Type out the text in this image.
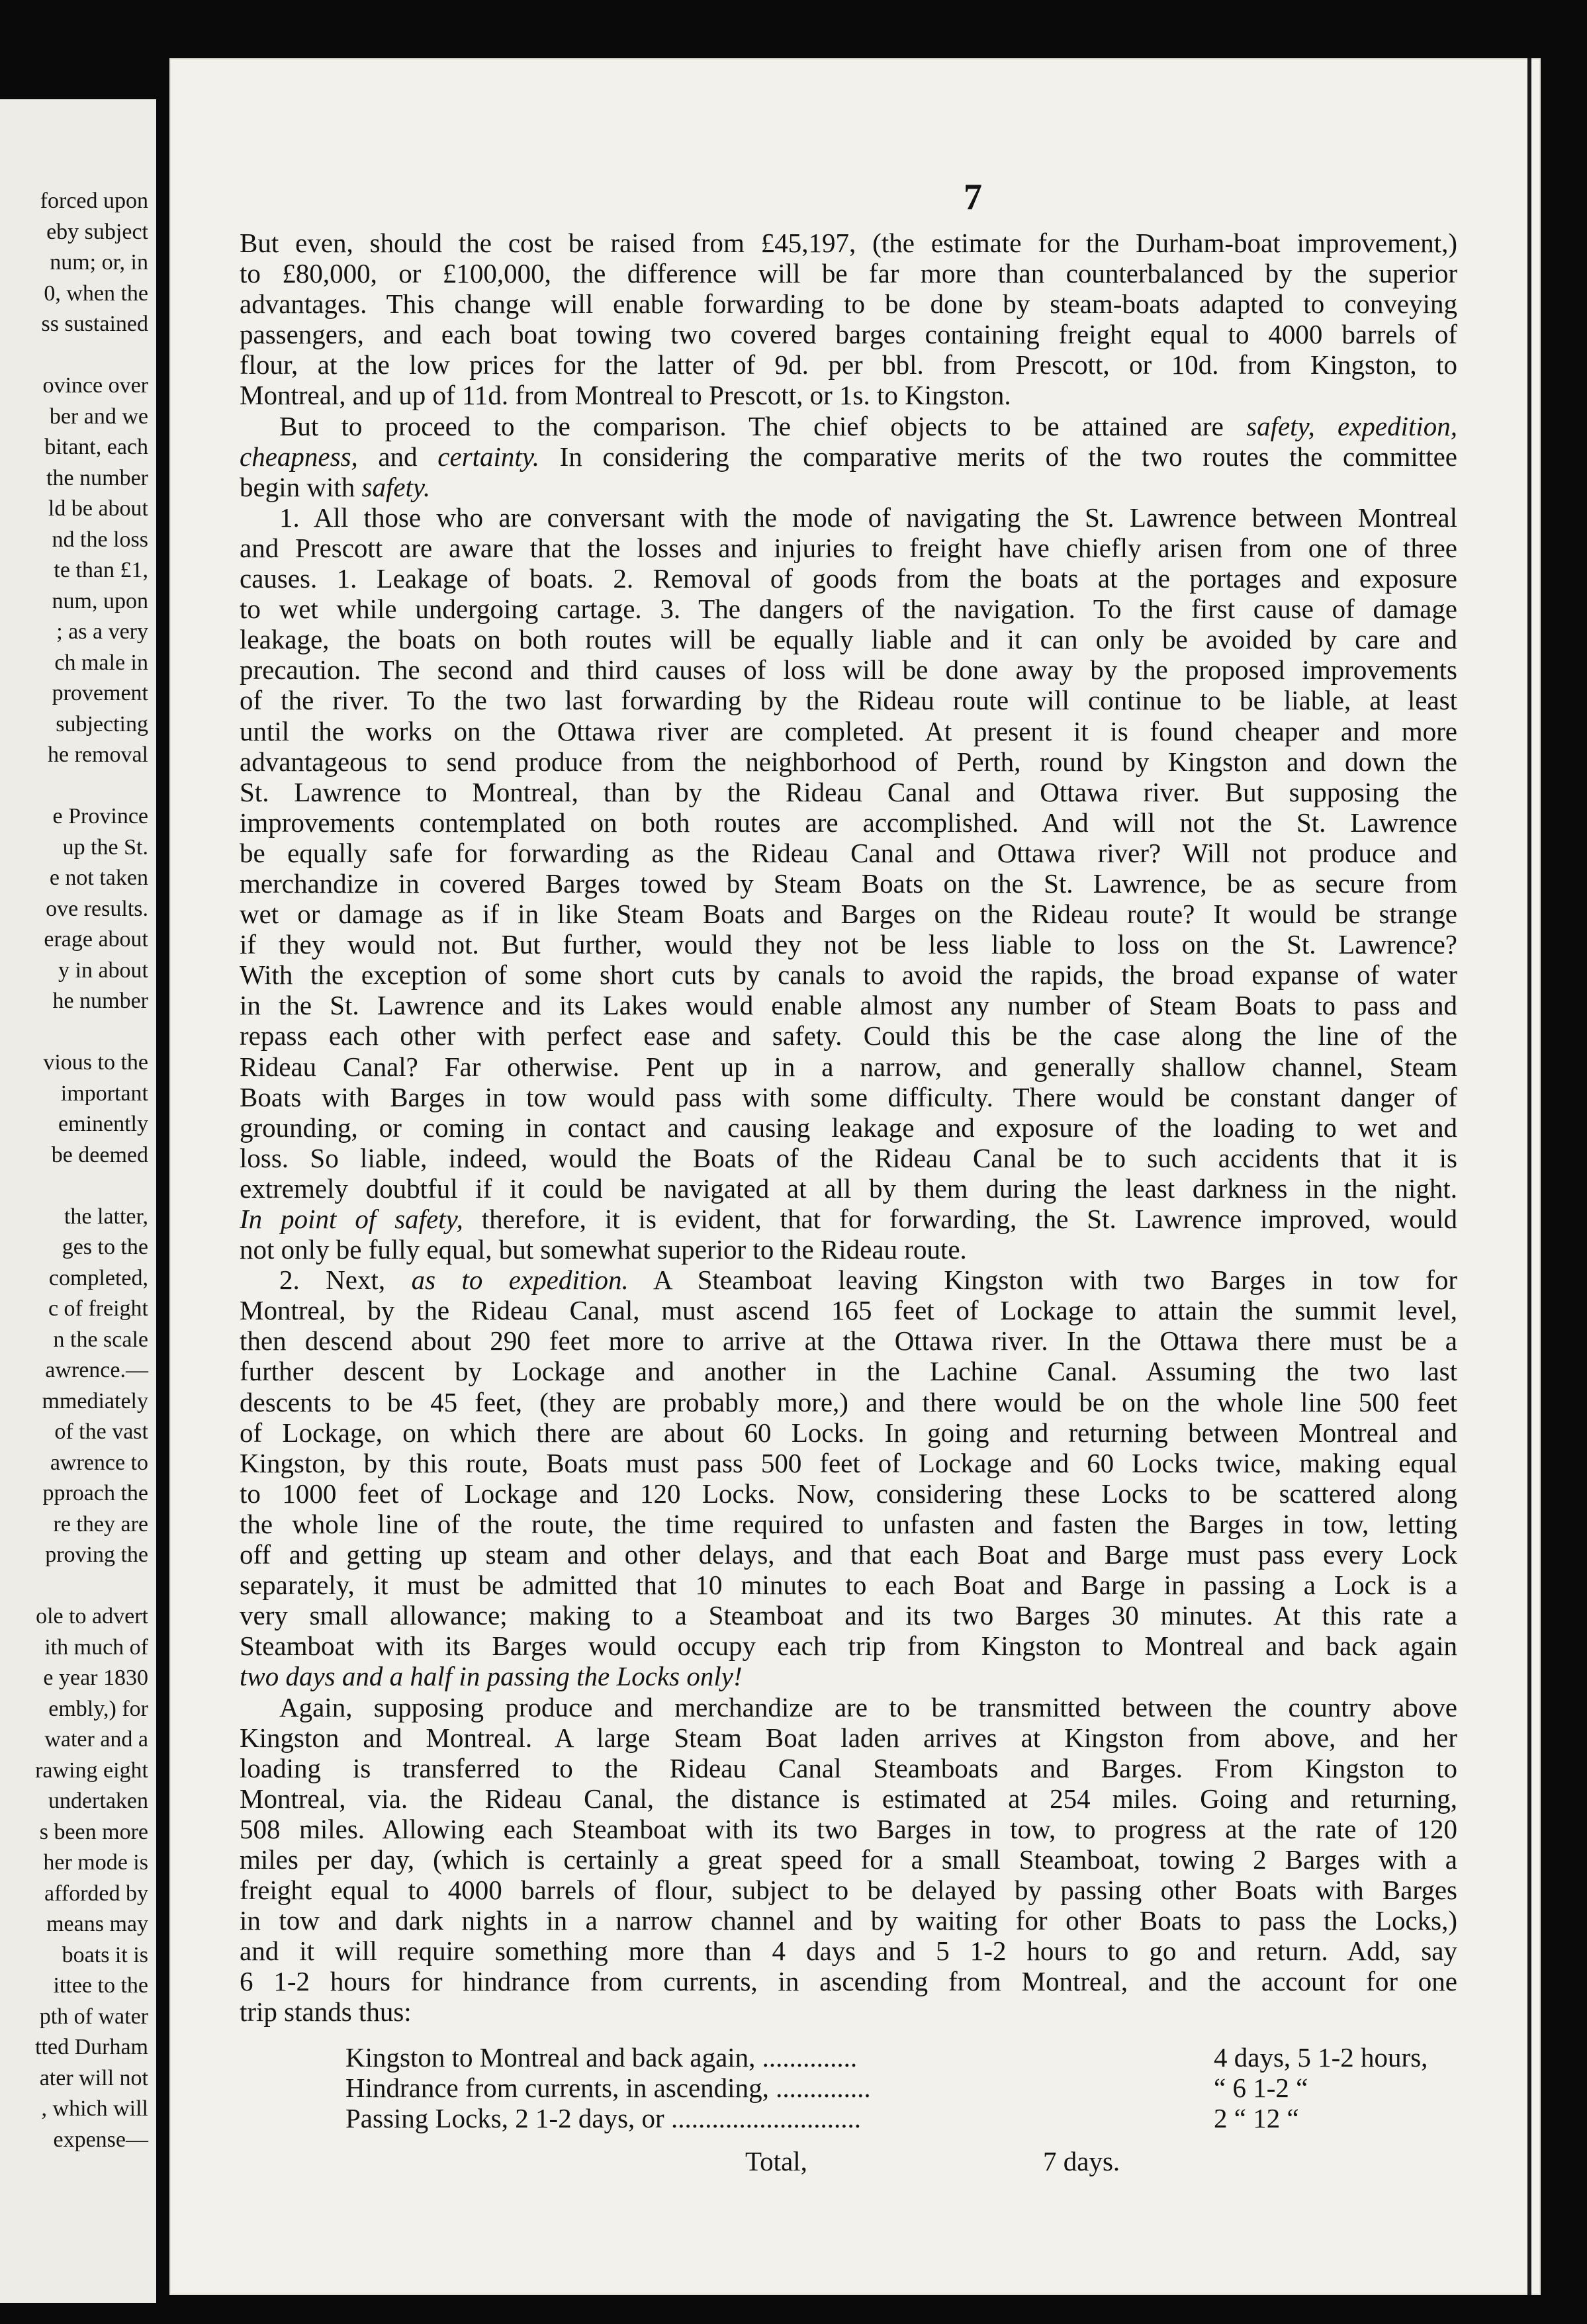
forced upon
eby subject
num; or, in
0, when the
ss sustained
ovince over
ber and we
bitant, each
the number
ld be about
nd the loss
te than £1,
num, upon
; as a very
ch male in
provement
subjecting
he removal
e Province
up the St.
e not taken
ove results.
erage about
y in about
he number
vious to the
important
eminently
be deemed
the latter,
ges to the
completed,
c of freight
n the scale
awrence.—
mmediately
of the vast
awrence to
pproach the
re they are
proving the
ole to advert
ith much of
e year 1830
embly,) for
water and a
rawing eight
undertaken
s been more
her mode is
afforded by
means may
boats it is
ittee to the
pth of water
tted Durham
ater will not
, which will
expense—
7
But even, should the cost be raised from £45,197, (the estimate for the Durham-boat improvement,)
to £80,000, or £100,000, the difference will be far more than counterbalanced by the superior
advantages. This change will enable forwarding to be done by steam-boats adapted to conveying
passengers, and each boat towing two covered barges containing freight equal to 4000 barrels of
flour, at the low prices for the latter of 9d. per bbl. from Prescott, or 10d. from Kingston, to
Montreal, and up of 11d. from Montreal to Prescott, or 1s. to Kingston.
But to proceed to the comparison. The chief objects to be attained are safety, expedition,
cheapness, and certainty. In considering the comparative merits of the two routes the committee
begin with safety.
1. All those who are conversant with the mode of navigating the St. Lawrence between Montreal
and Prescott are aware that the losses and injuries to freight have chiefly arisen from one of three
causes. 1. Leakage of boats. 2. Removal of goods from the boats at the portages and exposure
to wet while undergoing cartage. 3. The dangers of the navigation. To the first cause of damage
leakage, the boats on both routes will be equally liable and it can only be avoided by care and
precaution. The second and third causes of loss will be done away by the proposed improvements
of the river. To the two last forwarding by the Rideau route will continue to be liable, at least
until the works on the Ottawa river are completed. At present it is found cheaper and more
advantageous to send produce from the neighborhood of Perth, round by Kingston and down the
St. Lawrence to Montreal, than by the Rideau Canal and Ottawa river. But supposing the
improvements contemplated on both routes are accomplished. And will not the St. Lawrence
be equally safe for forwarding as the Rideau Canal and Ottawa river? Will not produce and
merchandize in covered Barges towed by Steam Boats on the St. Lawrence, be as secure from
wet or damage as if in like Steam Boats and Barges on the Rideau route? It would be strange
if they would not. But further, would they not be less liable to loss on the St. Lawrence?
With the exception of some short cuts by canals to avoid the rapids, the broad expanse of water
in the St. Lawrence and its Lakes would enable almost any number of Steam Boats to pass and
repass each other with perfect ease and safety. Could this be the case along the line of the
Rideau Canal? Far otherwise. Pent up in a narrow, and generally shallow channel, Steam
Boats with Barges in tow would pass with some difficulty. There would be constant danger of
grounding, or coming in contact and causing leakage and exposure of the loading to wet and
loss. So liable, indeed, would the Boats of the Rideau Canal be to such accidents that it is
extremely doubtful if it could be navigated at all by them during the least darkness in the night.
In point of safety, therefore, it is evident, that for forwarding, the St. Lawrence improved, would
not only be fully equal, but somewhat superior to the Rideau route.
2. Next, as to expedition. A Steamboat leaving Kingston with two Barges in tow for
Montreal, by the Rideau Canal, must ascend 165 feet of Lockage to attain the summit level,
then descend about 290 feet more to arrive at the Ottawa river. In the Ottawa there must be a
further descent by Lockage and another in the Lachine Canal. Assuming the two last
descents to be 45 feet, (they are probably more,) and there would be on the whole line 500 feet
of Lockage, on which there are about 60 Locks. In going and returning between Montreal and
Kingston, by this route, Boats must pass 500 feet of Lockage and 60 Locks twice, making equal
to 1000 feet of Lockage and 120 Locks. Now, considering these Locks to be scattered along
the whole line of the route, the time required to unfasten and fasten the Barges in tow, letting
off and getting up steam and other delays, and that each Boat and Barge must pass every Lock
separately, it must be admitted that 10 minutes to each Boat and Barge in passing a Lock is a
very small allowance; making to a Steamboat and its two Barges 30 minutes. At this rate a
Steamboat with its Barges would occupy each trip from Kingston to Montreal and back again
two days and a half in passing the Locks only!
Again, supposing produce and merchandize are to be transmitted between the country above
Kingston and Montreal. A large Steam Boat laden arrives at Kingston from above, and her
loading is transferred to the Rideau Canal Steamboats and Barges. From Kingston to
Montreal, via. the Rideau Canal, the distance is estimated at 254 miles. Going and returning,
508 miles. Allowing each Steamboat with its two Barges in tow, to progress at the rate of 120
miles per day, (which is certainly a great speed for a small Steamboat, towing 2 Barges with a
freight equal to 4000 barrels of flour, subject to be delayed by passing other Boats with Barges
in tow and dark nights in a narrow channel and by waiting for other Boats to pass the Locks,)
and it will require something more than 4 days and 5 1-2 hours to go and return. Add, say
6 1-2 hours for hindrance from currents, in ascending from Montreal, and the account for one
trip stands thus:
Kingston to Montreal and back again, ..............	4 days, 5 1-2 hours,
Hindrance from currents, in ascending, ..............	“ 6 1-2 “
Passing Locks, 2 1-2 days, or ............................	2 “ 12 “
Total,	7 days.
